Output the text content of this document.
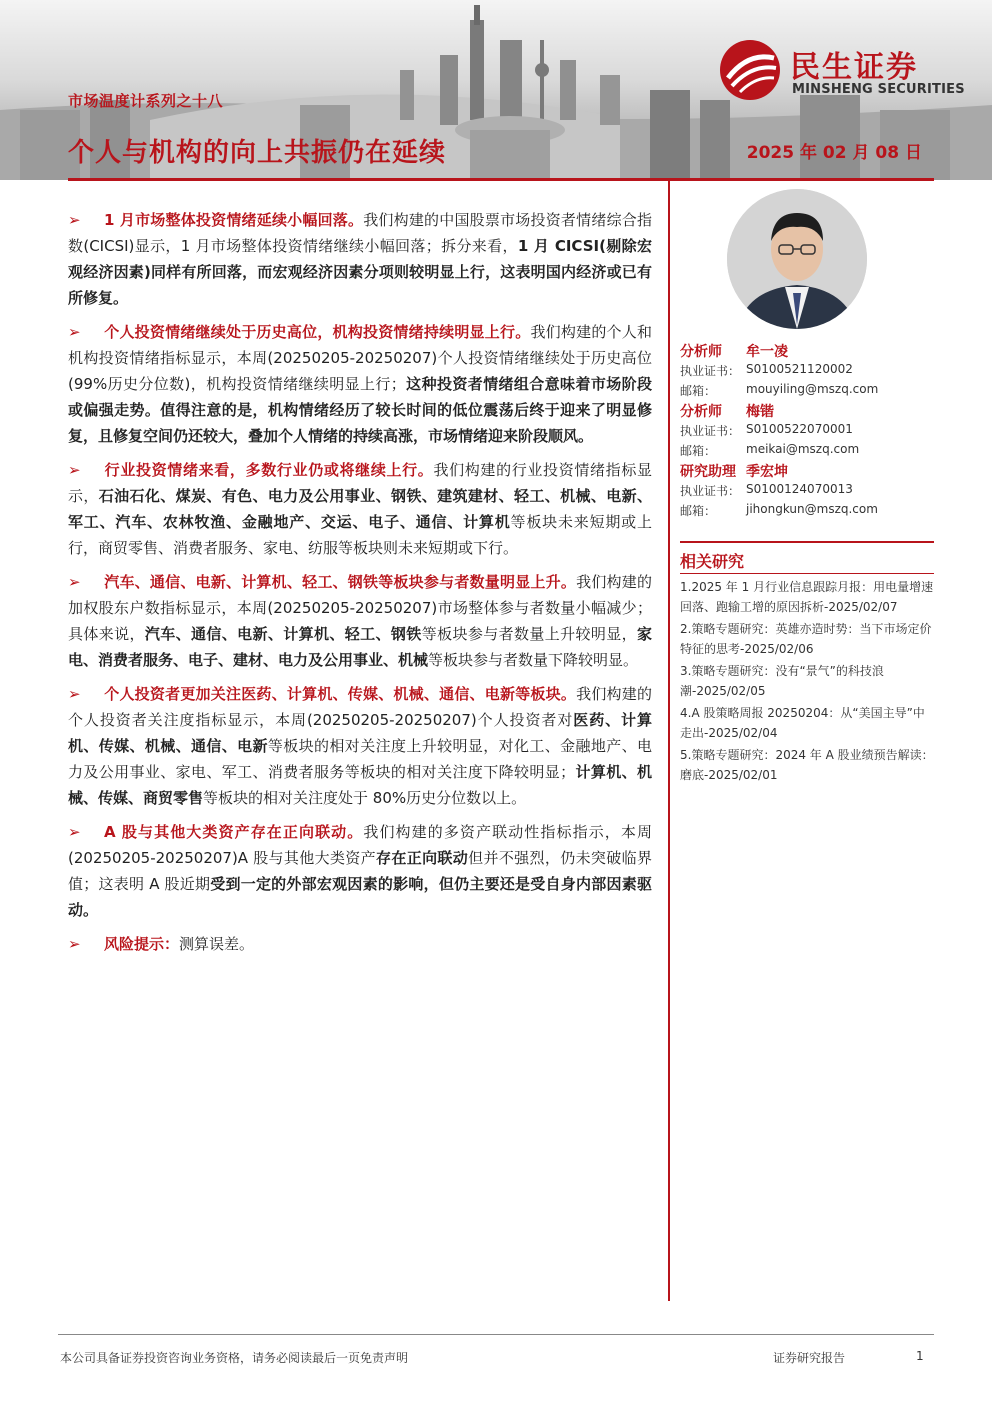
市场温度计系列之十八
个人与机构的向上共振仍在延续	2025 年 02 月 08 日
民生证券
MINSHENG SECURITIES
➢ 1 月市场整体投资情绪延续小幅回落。我们构建的中国股票市场投资者情绪综合指数(CICSI)显示，1 月市场整体投资情绪继续小幅回落；拆分来看，1 月 CICSI(剔除宏观经济因素)同样有所回落，而宏观经济因素分项则较明显上行，这表明国内经济或已有所修复。
➢ 个人投资情绪继续处于历史高位，机构投资情绪持续明显上行。我们构建的个人和机构投资情绪指标显示，本周(20250205-20250207)个人投资情绪继续处于历史高位(99%历史分位数)，机构投资情绪继续明显上行；这种投资者情绪组合意味着市场阶段或偏强走势。值得注意的是，机构情绪经历了较长时间的低位震荡后终于迎来了明显修复，且修复空间仍还较大，叠加个人情绪的持续高涨，市场情绪迎来阶段顺风。
➢ 行业投资情绪来看，多数行业仍或将继续上行。我们构建的行业投资情绪指标显示，石油石化、煤炭、有色、电力及公用事业、钢铁、建筑建材、轻工、机械、电新、军工、汽车、农林牧渔、金融地产、交运、电子、通信、计算机等板块未来短期或上行，商贸零售、消费者服务、家电、纺服等板块则未来短期或下行。
➢ 汽车、通信、电新、计算机、轻工、钢铁等板块参与者数量明显上升。我们构建的加权股东户数指标显示，本周(20250205-20250207)市场整体参与者数量小幅减少；具体来说，汽车、通信、电新、计算机、轻工、钢铁等板块参与者数量上升较明显，家电、消费者服务、电子、建材、电力及公用事业、机械等板块参与者数量下降较明显。
➢ 个人投资者更加关注医药、计算机、传媒、机械、通信、电新等板块。我们构建的个人投资者关注度指标显示，本周(20250205-20250207)个人投资者对医药、计算机、传媒、机械、通信、电新等板块的相对关注度上升较明显，对化工、金融地产、电力及公用事业、家电、军工、消费者服务等板块的相对关注度下降较明显；计算机、机械、传媒、商贸零售等板块的相对关注度处于 80%历史分位数以上。
➢ A 股与其他大类资产存在正向联动。我们构建的多资产联动性指标指示，本周(20250205-20250207)A 股与其他大类资产存在正向联动但并不强烈，仍未突破临界值；这表明 A 股近期受到一定的外部宏观因素的影响，但仍主要还是受自身内部因素驱动。
➢ 风险提示：测算误差。
分析师 牟一凌
执业证书： S0100521120002
邮箱： mouyiling@mszq.com
分析师 梅锴
执业证书： S0100522070001
邮箱： meikai@mszq.com
研究助理 季宏坤
执业证书： S0100124070013
邮箱： jihongkun@mszq.com
相关研究
1.2025 年 1 月行业信息跟踪月报：用电量增速回落、跑输工增的原因拆析-2025/02/07
2.策略专题研究：英雄亦造时势：当下市场定价特征的思考-2025/02/06
3.策略专题研究：没有“景气”的科技浪潮-2025/02/05
4.A 股策略周报 20250204：从“美国主导”中走出-2025/02/04
5.策略专题研究：2024 年 A 股业绩预告解读：磨底-2025/02/01
本公司具备证券投资咨询业务资格，请务必阅读最后一页免责声明	证券研究报告	1
